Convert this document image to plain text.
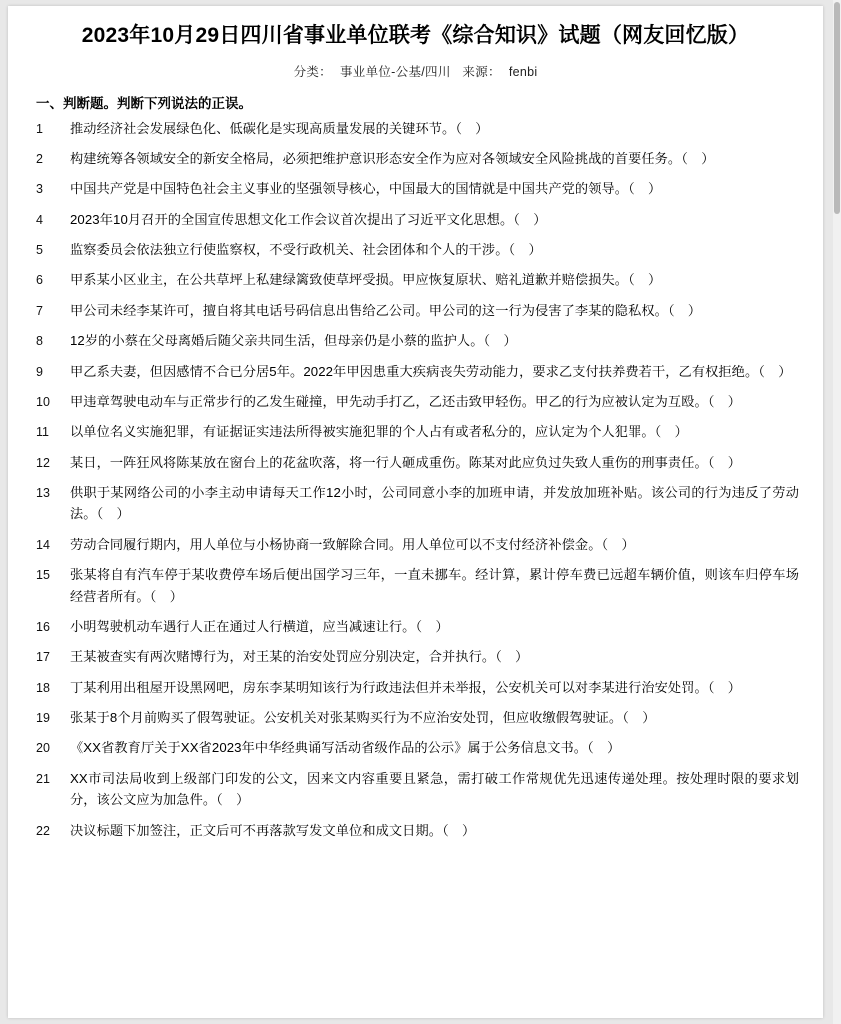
2023年10月29日四川省事业单位联考《综合知识》试题（网友回忆版）
分类： 事业单位-公基/四川 来源： fenbi
一、判断题。判断下列说法的正误。
1	推动经济社会发展绿色化、低碳化是实现高质量发展的关键环节。（　）
2	构建统筹各领域安全的新安全格局，必须把维护意识形态安全作为应对各领域安全风险挑战的首要任务。（　）
3	中国共产党是中国特色社会主义事业的坚强领导核心，中国最大的国情就是中国共产党的领导。（　）
4	2023年10月召开的全国宣传思想文化工作会议首次提出了习近平文化思想。（　）
5	监察委员会依法独立行使监察权，不受行政机关、社会团体和个人的干涉。（　）
6	甲系某小区业主，在公共草坪上私建绿篱致使草坪受损。甲应恢复原状、赔礼道歉并赔偿损失。（　）
7	甲公司未经李某许可，擅自将其电话号码信息出售给乙公司。甲公司的这一行为侵害了李某的隐私权。（　）
8	12岁的小蔡在父母离婚后随父亲共同生活，但母亲仍是小蔡的监护人。（　）
9	甲乙系夫妻，但因感情不合已分居5年。2022年甲因患重大疾病丧失劳动能力，要求乙支付扶养费若干，乙有权拒绝。（　）
10	甲违章驾驶电动车与正常步行的乙发生碰撞，甲先动手打乙，乙还击致甲轻伤。甲乙的行为应被认定为互殴。（　）
11	以单位名义实施犯罪，有证据证实违法所得被实施犯罪的个人占有或者私分的，应认定为个人犯罪。（　）
12	某日，一阵狂风将陈某放在窗台上的花盆吹落，将一行人砸成重伤。陈某对此应负过失致人重伤的刑事责任。（　）
13	供职于某网络公司的小李主动申请每天工作12小时，公司同意小李的加班申请，并发放加班补贴。该公司的行为违反了劳动法。（　）
14	劳动合同履行期内，用人单位与小杨协商一致解除合同。用人单位可以不支付经济补偿金。（　）
15	张某将自有汽车停于某收费停车场后便出国学习三年，一直未挪车。经计算，累计停车费已远超车辆价值，则该车归停车场经营者所有。（　）
16	小明驾驶机动车遇行人正在通过人行横道，应当减速让行。（　）
17	王某被查实有两次赌博行为，对王某的治安处罚应分别决定，合并执行。（　）
18	丁某利用出租屋开设黑网吧，房东李某明知该行为行政违法但并未举报，公安机关可以对李某进行治安处罚。（　）
19	张某于8个月前购买了假驾驶证。公安机关对张某购买行为不应治安处罚，但应收缴假驾驶证。（　）
20	《XX省教育厅关于XX省2023年中华经典诵写活动省级作品的公示》属于公务信息文书。（　）
21	XX市司法局收到上级部门印发的公文，因来文内容重要且紧急，需打破工作常规优先迅速传递处理。按处理时限的要求划分，该公文应为加急件。（　）
22	决议标题下加签注，正文后可不再落款写发文单位和成文日期。（　）
